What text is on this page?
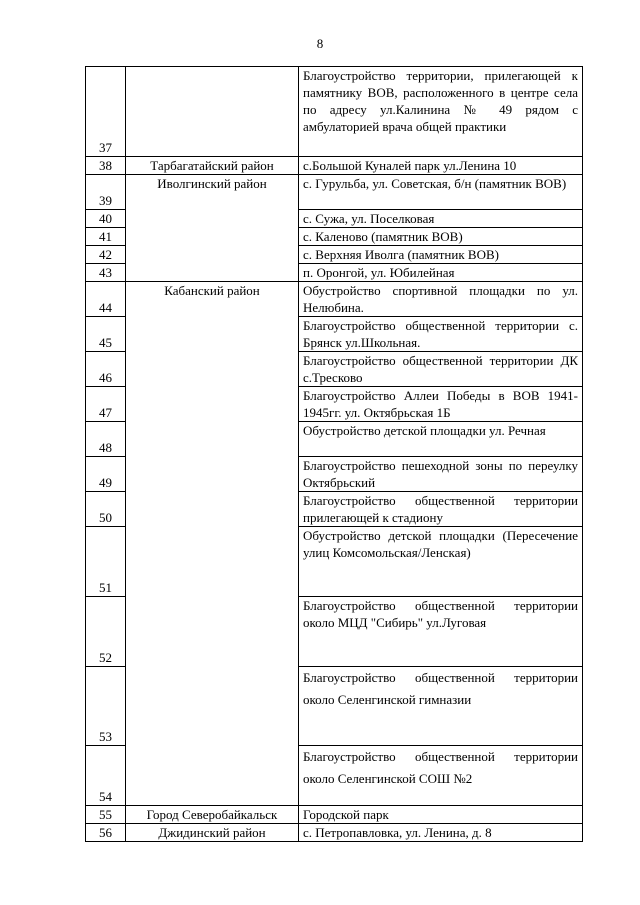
8
37		Благоустройство территории, прилегающей к памятнику ВОВ, расположенного в центре села по адресу ул.Калинина № 49 рядом с амбулаторией врача общей практики
38	Тарбагатайский район	с.Большой Куналей парк ул.Ленина 10
39	Иволгинский район	с. Гурульба, ул. Советская, б/н (памятник ВОВ)
40		с. Сужа, ул. Поселковая
41		с. Каленово (памятник ВОВ)
42		с. Верхняя Иволга (памятник ВОВ)
43		п. Оронгой, ул. Юбилейная
44	Кабанский район	Обустройство спортивной площадки по ул. Нелюбина.
45		Благоустройство общественной территории с. Брянск ул.Школьная.
46		Благоустройство общественной территории ДК с.Тресково
47		Благоустройство Аллеи Победы в ВОВ 1941-1945гг. ул. Октябрьская 1Б
48		Обустройство детской площадки ул. Речная
49		Благоустройство пешеходной зоны по переулку Октябрьский
50		Благоустройство общественной территории прилегающей к стадиону
51		Обустройство детской площадки (Пересечение улиц Комсомольская/Ленская)
52		Благоустройство общественной территории около МЦД "Сибирь" ул.Луговая
53		Благоустройство общественной территории около Селенгинской гимназии
54		Благоустройство общественной территории около Селенгинской СОШ №2
55	Город Северобайкальск	Городской парк
56	Джидинский район	с. Петропавловка, ул. Ленина, д. 8
